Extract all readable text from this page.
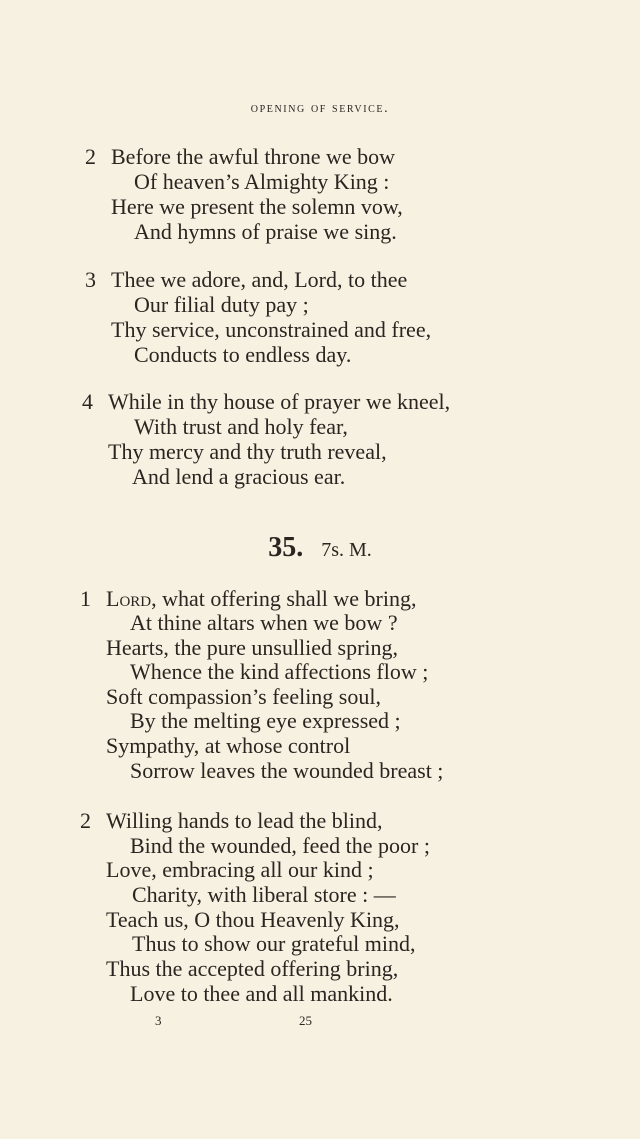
opening of service.
2 Before the awful throne we bow
Of heaven’s Almighty King :
Here we present the solemn vow,
And hymns of praise we sing.
3 Thee we adore, and, Lord, to thee
Our filial duty pay ;
Thy service, unconstrained and free,
Conducts to endless day.
4 While in thy house of prayer we kneel,
With trust and holy fear,
Thy mercy and thy truth reveal,
And lend a gracious ear.
35. 7s. M.
1 Lord, what offering shall we bring,
At thine altars when we bow ?
Hearts, the pure unsullied spring,
Whence the kind affections flow ;
Soft compassion’s feeling soul,
By the melting eye expressed ;
Sympathy, at whose control
Sorrow leaves the wounded breast ;
2 Willing hands to lead the blind,
Bind the wounded, feed the poor ;
Love, embracing all our kind ;
Charity, with liberal store : —
Teach us, O thou Heavenly King,
Thus to show our grateful mind,
Thus the accepted offering bring,
Love to thee and all mankind.
3	25
